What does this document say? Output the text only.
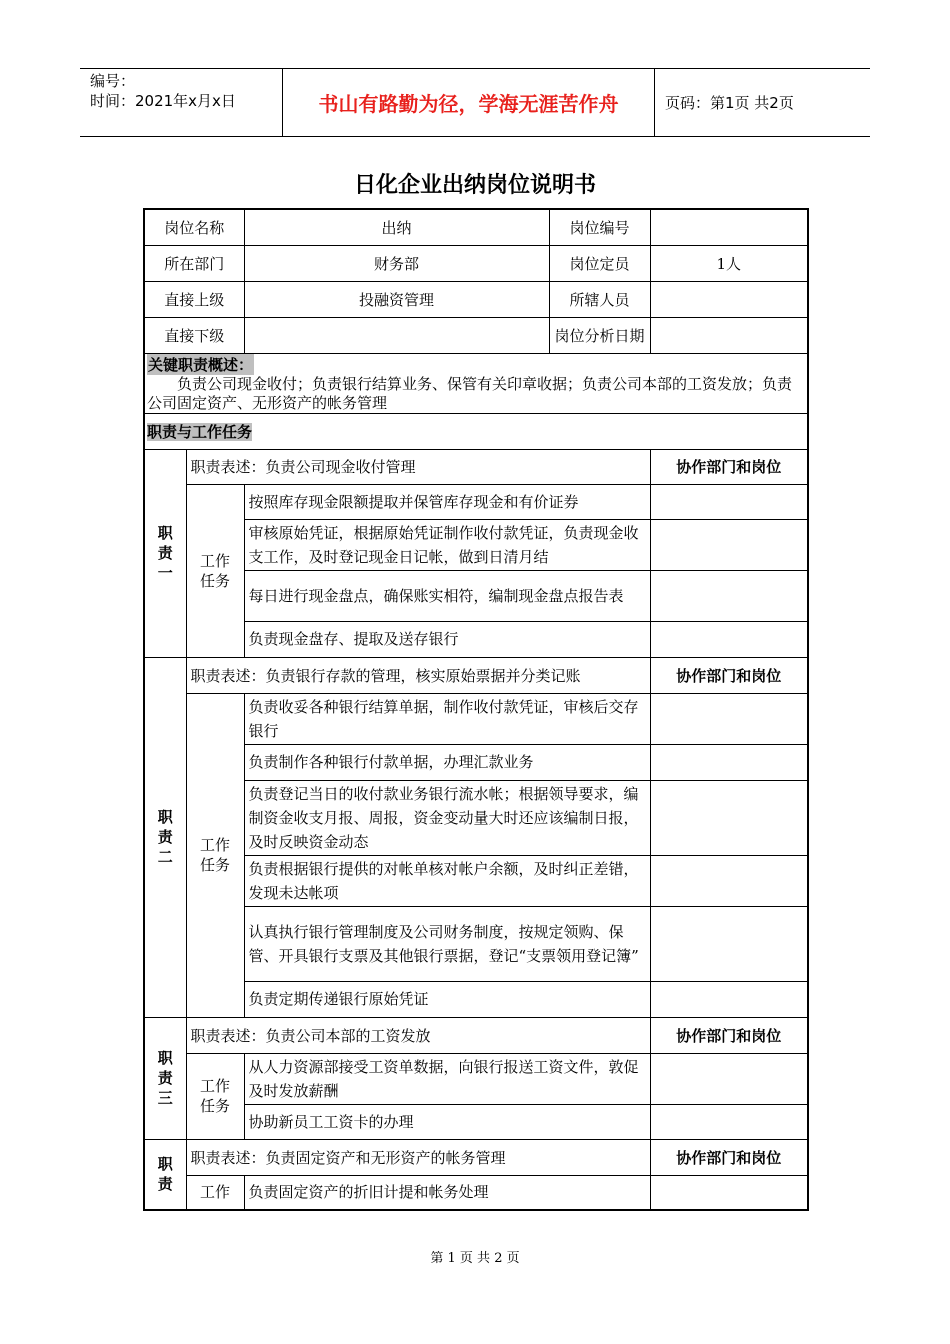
编号：
时间：2021年x月x日	书山有路勤为径，学海无涯苦作舟	页码：第1页 共2页
日化企业出纳岗位说明书
岗位名称		出纳	岗位编号	
所在部门		财务部	岗位定员	1人
直接上级		投融资管理	所辖人员	
直接下级			岗位分析日期	

关键职责概述：
负责公司现金收付；负责银行结算业务、保管有关印章收据；负责公司本部的工资发放；负责公司固定资产、无形资产的帐务管理				

职责与工作任务				

职
责
一	职责表述：负责公司现金收付管理			协作部门和岗位

	工作
任务	按照库存现金限额提取并保管库存现金和有价证券		
		审核原始凭证，根据原始凭证制作收付款凭证，负责现金收支工作，及时登记现金日记帐，做到日清月结		
		每日进行现金盘点，确保账实相符，编制现金盘点报告表		
		负责现金盘存、提取及送存银行		

职
责
二	职责表述：负责银行存款的管理，核实原始票据并分类记账			协作部门和岗位

	工作
任务	负责收妥各种银行结算单据，制作收付款凭证，审核后交存银行		
		负责制作各种银行付款单据，办理汇款业务		
		负责登记当日的收付款业务银行流水帐；根据领导要求，编制资金收支月报、周报，资金变动量大时还应该编制日报，及时反映资金动态		
		负责根据银行提供的对帐单核对帐户余额，及时纠正差错，发现未达帐项		
		认真执行银行管理制度及公司财务制度，按规定领购、保管、开具银行支票及其他银行票据，登记“支票领用登记簿”		
		负责定期传递银行原始凭证		

职
责
三	职责表述：负责公司本部的工资发放			协作部门和岗位

	工作
任务	从人力资源部接受工资单数据，向银行报送工资文件，敦促及时发放薪酬		
		协助新员工工资卡的办理		

职
责	职责表述：负责固定资产和无形资产的帐务管理			协作部门和岗位
	工作	负责固定资产的折旧计提和帐务处理		
第 1 页 共 2 页
